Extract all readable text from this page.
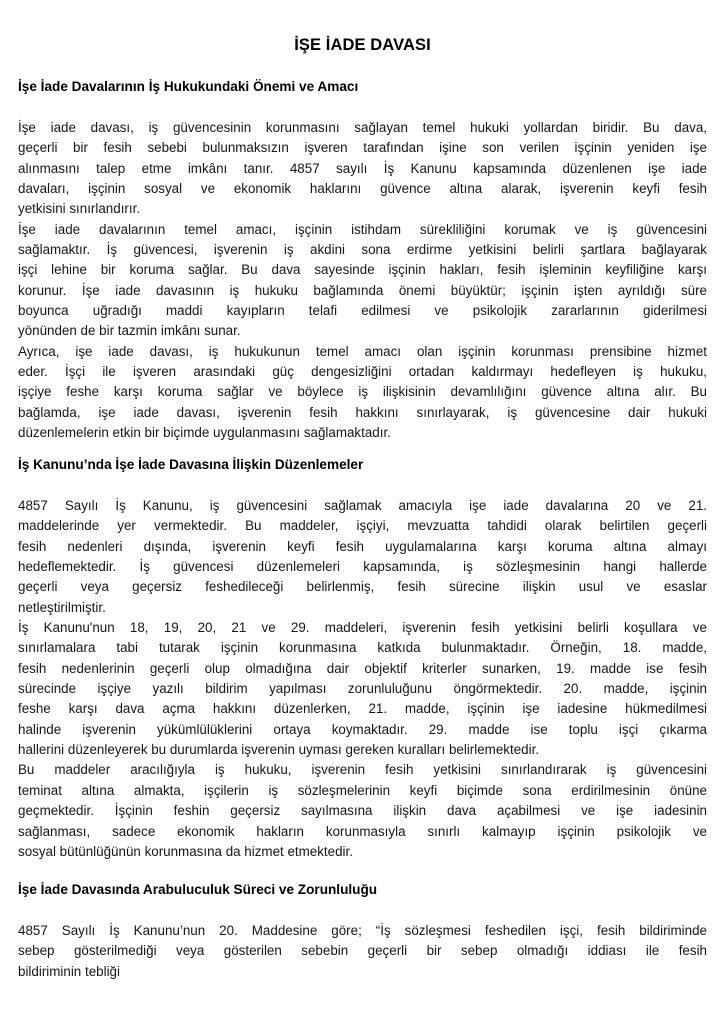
İŞE İADE DAVASI
İşe İade Davalarının İş Hukukundaki Önemi ve Amacı

İşe iade davası, iş güvencesinin korunmasını sağlayan temel hukuki yollardan biridir. Bu dava,
geçerli bir fesih sebebi bulunmaksızın işveren tarafından işine son verilen işçinin yeniden işe
alınmasını talep etme imkânı tanır. 4857 sayılı İş Kanunu kapsamında düzenlenen işe iade
davaları, işçinin sosyal ve ekonomik haklarını güvence altına alarak, işverenin keyfi fesih
yetkisini sınırlandırır.

İşe iade davalarının temel amacı, işçinin istihdam sürekliliğini korumak ve iş güvencesini
sağlamaktır. İş güvencesi, işverenin iş akdini sona erdirme yetkisini belirli şartlara bağlayarak
işçi lehine bir koruma sağlar. Bu dava sayesinde işçinin hakları, fesih işleminin keyfiliğine karşı
korunur. İşe iade davasının iş hukuku bağlamında önemi büyüktür; işçinin işten ayrıldığı süre
boyunca uğradığı maddi kayıpların telafi edilmesi ve psikolojik zararlarının giderilmesi
yönünden de bir tazmin imkânı sunar.

Ayrıca, işe iade davası, iş hukukunun temel amacı olan işçinin korunması prensibine hizmet
eder. İşçi ile işveren arasındaki güç dengesizliğini ortadan kaldırmayı hedefleyen iş hukuku,
işçiye feshe karşı koruma sağlar ve böylece iş ilişkisinin devamlılığını güvence altına alır. Bu
bağlamda, işe iade davası, işverenin fesih hakkını sınırlayarak, iş güvencesine dair hukuki
düzenlemelerin etkin bir biçimde uygulanmasını sağlamaktadır.

İş Kanunu’nda İşe İade Davasına İlişkin Düzenlemeler

4857 Sayılı İş Kanunu, iş güvencesini sağlamak amacıyla işe iade davalarına 20 ve 21.
maddelerinde yer vermektedir. Bu maddeler, işçiyi, mevzuatta tahdidi olarak belirtilen geçerli
fesih nedenleri dışında, işverenin keyfi fesih uygulamalarına karşı koruma altına almayı
hedeflemektedir. İş güvencesi düzenlemeleri kapsamında, iş sözleşmesinin hangi hallerde
geçerli veya geçersiz feshedileceği belirlenmiş, fesih sürecine ilişkin usul ve esaslar
netleştirilmiştir.

İş Kanunu'nun 18, 19, 20, 21 ve 29. maddeleri, işverenin fesih yetkisini belirli koşullara ve
sınırlamalara tabi tutarak işçinin korunmasına katkıda bulunmaktadır. Örneğin, 18. madde,
fesih nedenlerinin geçerli olup olmadığına dair objektif kriterler sunarken, 19. madde ise fesih
sürecinde işçiye yazılı bildirim yapılması zorunluluğunu öngörmektedir. 20. madde, işçinin
feshe karşı dava açma hakkını düzenlerken, 21. madde, işçinin işe iadesine hükmedilmesi
halinde işverenin yükümlülüklerini ortaya koymaktadır. 29. madde ise toplu işçi çıkarma
hallerini düzenleyerek bu durumlarda işverenin uyması gereken kuralları belirlemektedir.

Bu maddeler aracılığıyla iş hukuku, işverenin fesih yetkisini sınırlandırarak iş güvencesini
teminat altına almakta, işçilerin iş sözleşmelerinin keyfi biçimde sona erdirilmesinin önüne
geçmektedir. İşçinin feshin geçersiz sayılmasına ilişkin dava açabilmesi ve işe iadesinin
sağlanması, sadece ekonomik hakların korunmasıyla sınırlı kalmayıp işçinin psikolojik ve
sosyal bütünlüğünün korunmasına da hizmet etmektedir.

İşe İade Davasında Arabuluculuk Süreci ve Zorunluluğu

4857 Sayılı İş Kanunu’nun 20. Maddesine göre; “İş sözleşmesi feshedilen işçi, fesih bildiriminde
sebep gösterilmediği veya gösterilen sebebin geçerli bir sebep olmadığı iddiası ile fesih
bildiriminin tebliği
